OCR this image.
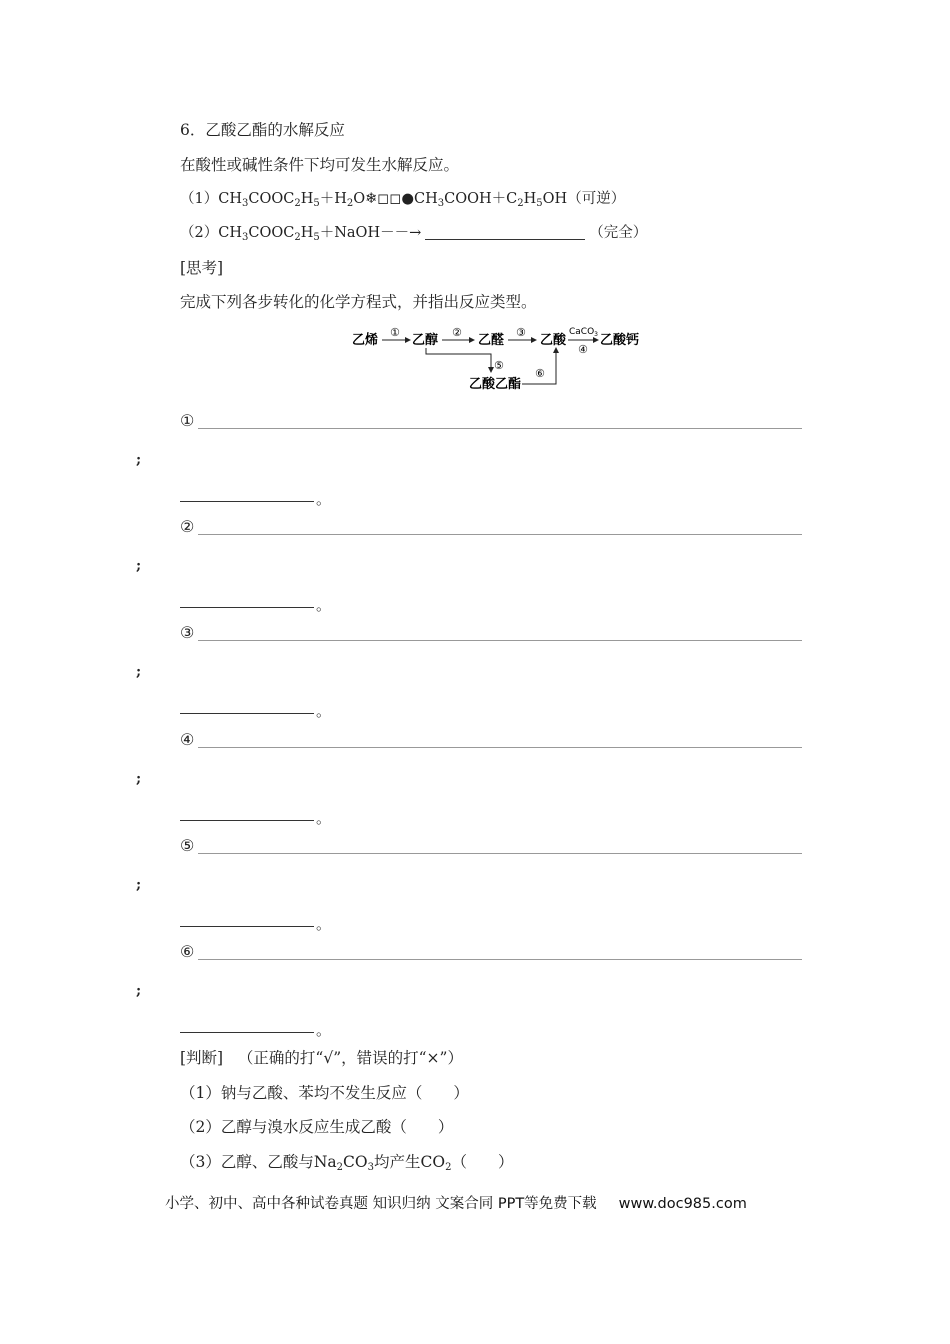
6．乙酸乙酯的水解反应
在酸性或碱性条件下均可发生水解反应。
$(1)CH_3COOC_2H_5+H_2O❄◻◻●CH_3COOH+C_2H_5OH$（可逆）
$(2)CH_3COOC_2H_5+NaOH--\to$	（完全）
[思考]
完成下列各步转化的化学方程式，并指出反应类型。
乙烯
①
乙醇
②
乙醛
③
乙酸
CaCO$_3$
④
乙酸钙
⑤
乙酸乙酯
⑥
①
;
。
②
;
。
③
;
。
④
;
。
⑤
;
。
⑥
;
。
[判断] （正确的打“√”，错误的打“×”）
（1）钠与乙酸、苯均不发生反应（　　）
（2）乙醇与溴水反应生成乙酸（　　）
（3）乙醇、乙酸与$Na_2CO_3$均产生$CO_2$（　　）
小学、初中、高中各种试卷真题 知识归纳 文案合同 PPT等免费下载 www.doc985.com
